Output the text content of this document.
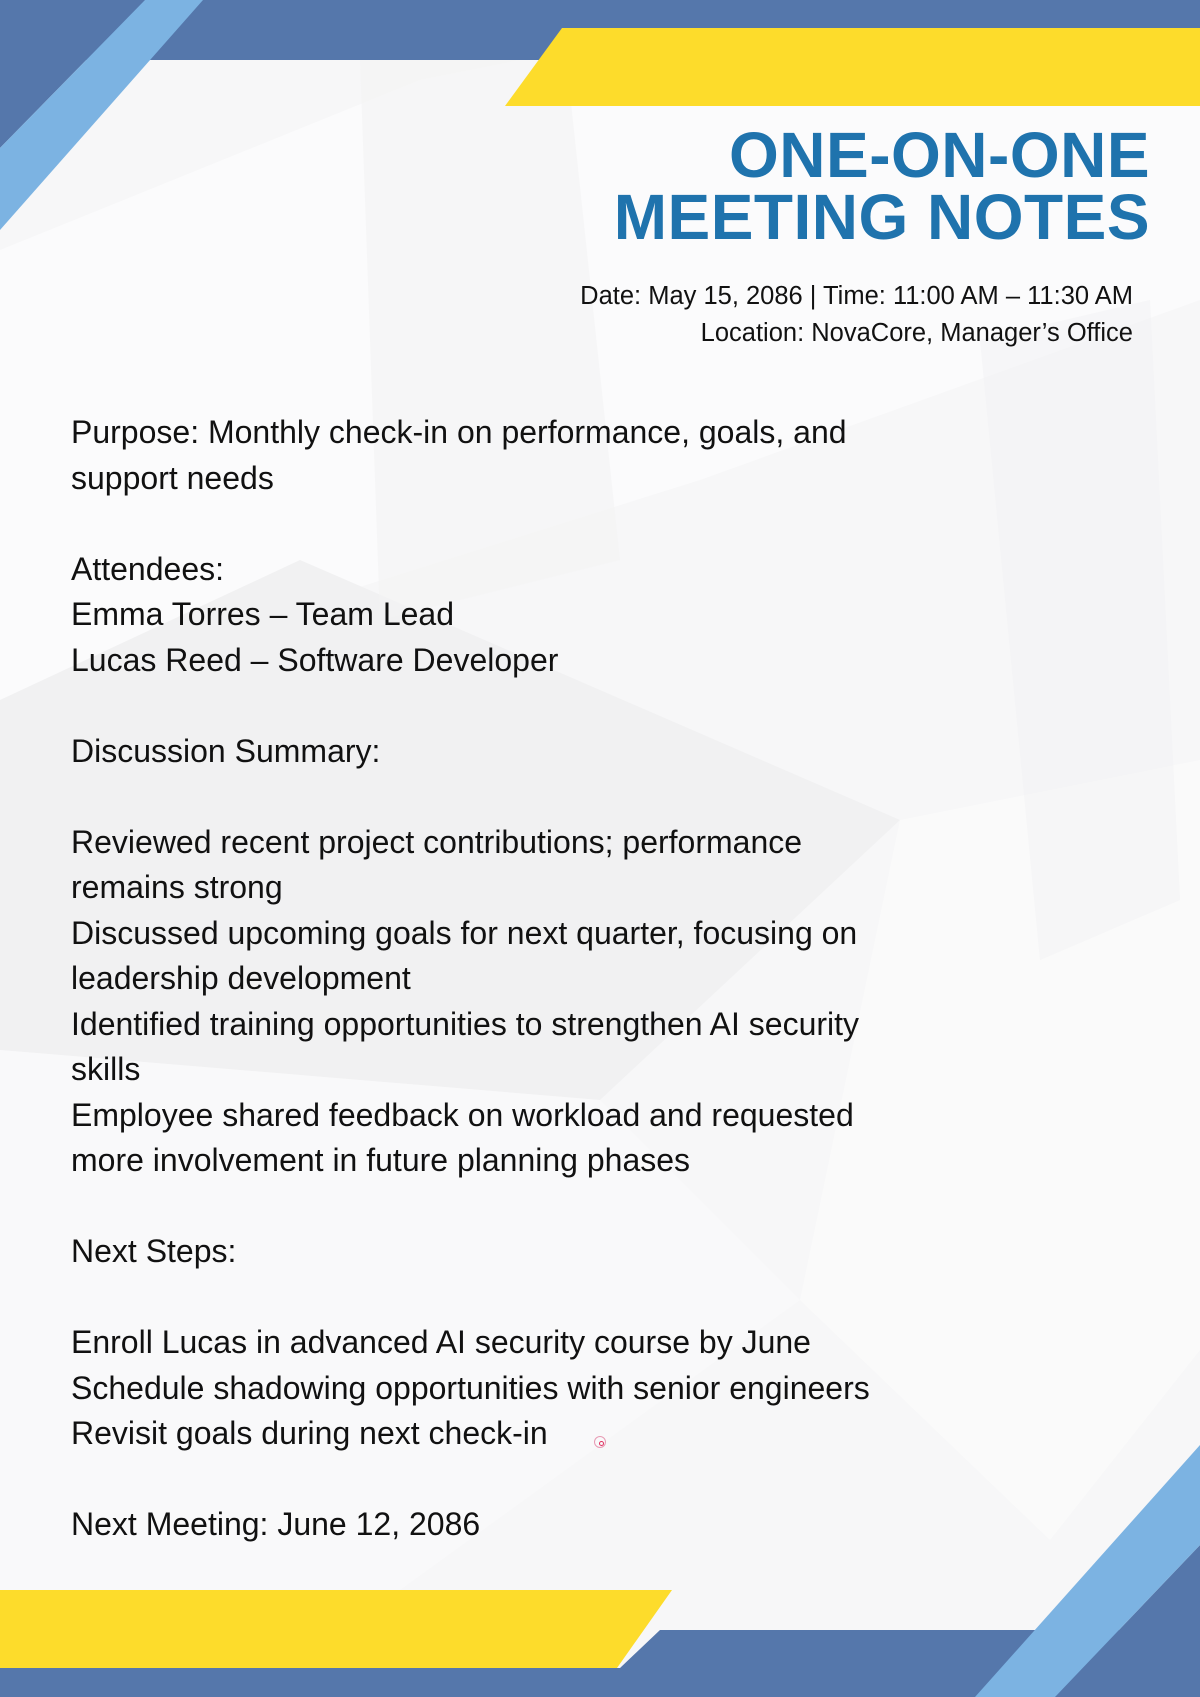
ONE-ON-ONE
MEETING NOTES
Date: May 15, 2086 | Time: 11:00 AM – 11:30 AM
Location: NovaCore, Manager’s Office

Purpose: Monthly check-in on performance, goals, and

support needs

Attendees:

Emma Torres – Team Lead

Lucas Reed – Software Developer

Discussion Summary:

Reviewed recent project contributions; performance

remains strong

Discussed upcoming goals for next quarter, focusing on

leadership development

Identified training opportunities to strengthen AI security

skills

Employee shared feedback on workload and requested

more involvement in future planning phases

Next Steps:

Enroll Lucas in advanced AI security course by June

Schedule shadowing opportunities with senior engineers

Revisit goals during next check-in

Next Meeting: June 12, 2086
